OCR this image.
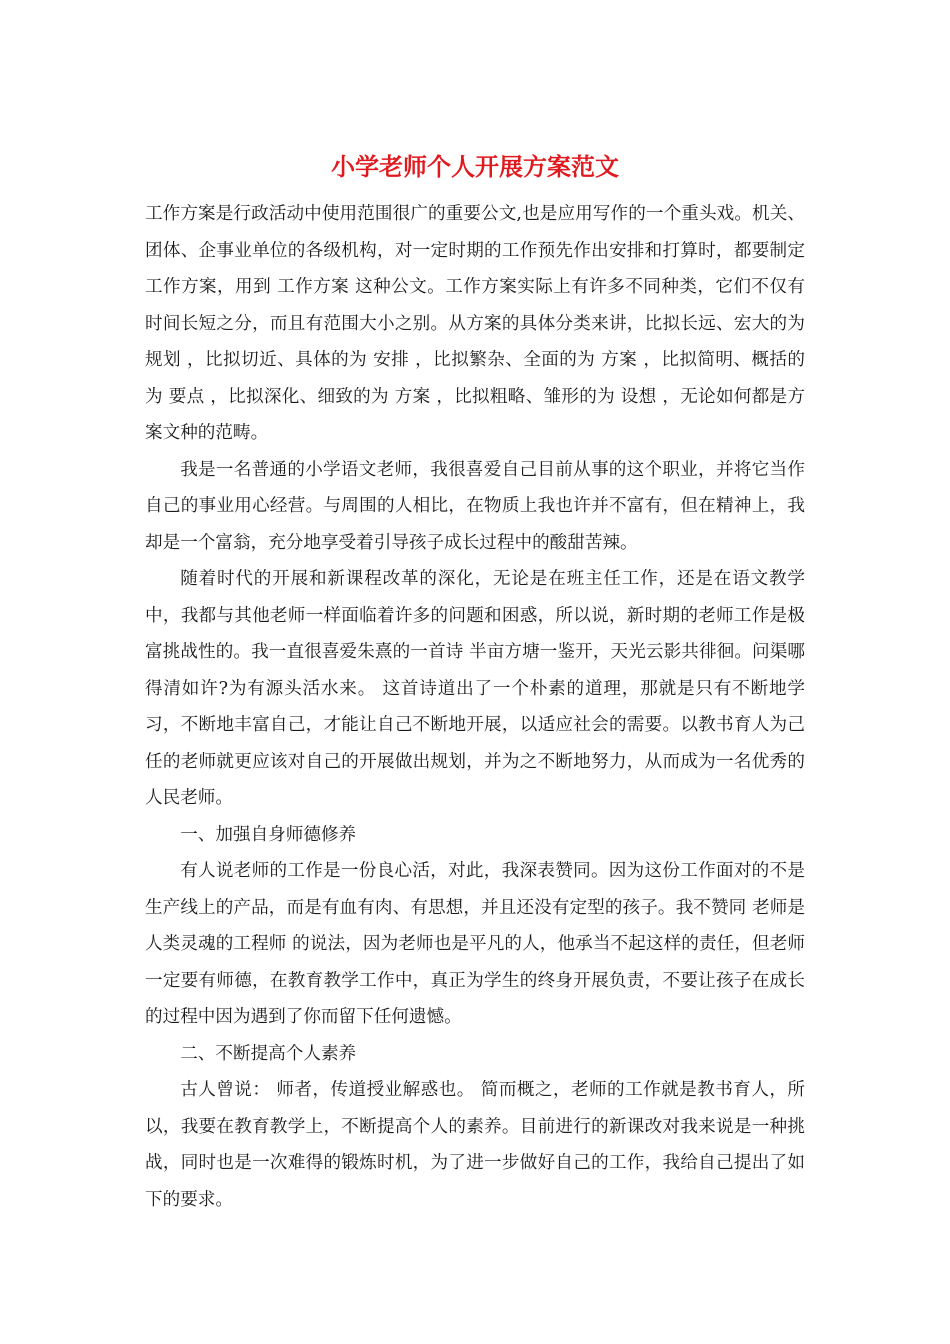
小学老师个人开展方案范文

工作方案是行政活动中使用范围很广的重要公文,也是应用写作的一个重头戏。机关、团体、企事业单位的各级机构，对一定时期的工作预先作出安排和打算时，都要制定工作方案，用到 工作方案 这种公文。工作方案实际上有许多不同种类，它们不仅有时间长短之分，而且有范围大小之别。从方案的具体分类来讲，比拟长远、宏大的为 规划 ，比拟切近、具体的为 安排 ，比拟繁杂、全面的为 方案 ，比拟简明、概括的为 要点 ，比拟深化、细致的为 方案 ，比拟粗略、雏形的为 设想 ，无论如何都是方案文种的范畴。

我是一名普通的小学语文老师，我很喜爱自己目前从事的这个职业，并将它当作自己的事业用心经营。与周围的人相比，在物质上我也许并不富有，但在精神上，我却是一个富翁，充分地享受着引导孩子成长过程中的酸甜苦辣。

随着时代的开展和新课程改革的深化，无论是在班主任工作，还是在语文教学中，我都与其他老师一样面临着许多的问题和困惑，所以说，新时期的老师工作是极富挑战性的。我一直很喜爱朱熹的一首诗 半亩方塘一鉴开，天光云影共徘徊。问渠哪得清如许?为有源头活水来。 这首诗道出了一个朴素的道理，那就是只有不断地学习，不断地丰富自己，才能让自己不断地开展，以适应社会的需要。以教书育人为己任的老师就更应该对自己的开展做出规划，并为之不断地努力，从而成为一名优秀的人民老师。

一、加强自身师德修养

有人说老师的工作是一份良心活，对此，我深表赞同。因为这份工作面对的不是生产线上的产品，而是有血有肉、有思想，并且还没有定型的孩子。我不赞同 老师是人类灵魂的工程师 的说法，因为老师也是平凡的人，他承当不起这样的责任，但老师一定要有师德，在教育教学工作中，真正为学生的终身开展负责，不要让孩子在成长的过程中因为遇到了你而留下任何遗憾。

二、不断提高个人素养

古人曾说： 师者，传道授业解惑也。 简而概之，老师的工作就是教书育人，所以，我要在教育教学上，不断提高个人的素养。目前进行的新课改对我来说是一种挑战，同时也是一次难得的锻炼时机，为了进一步做好自己的工作，我给自己提出了如下的要求。
